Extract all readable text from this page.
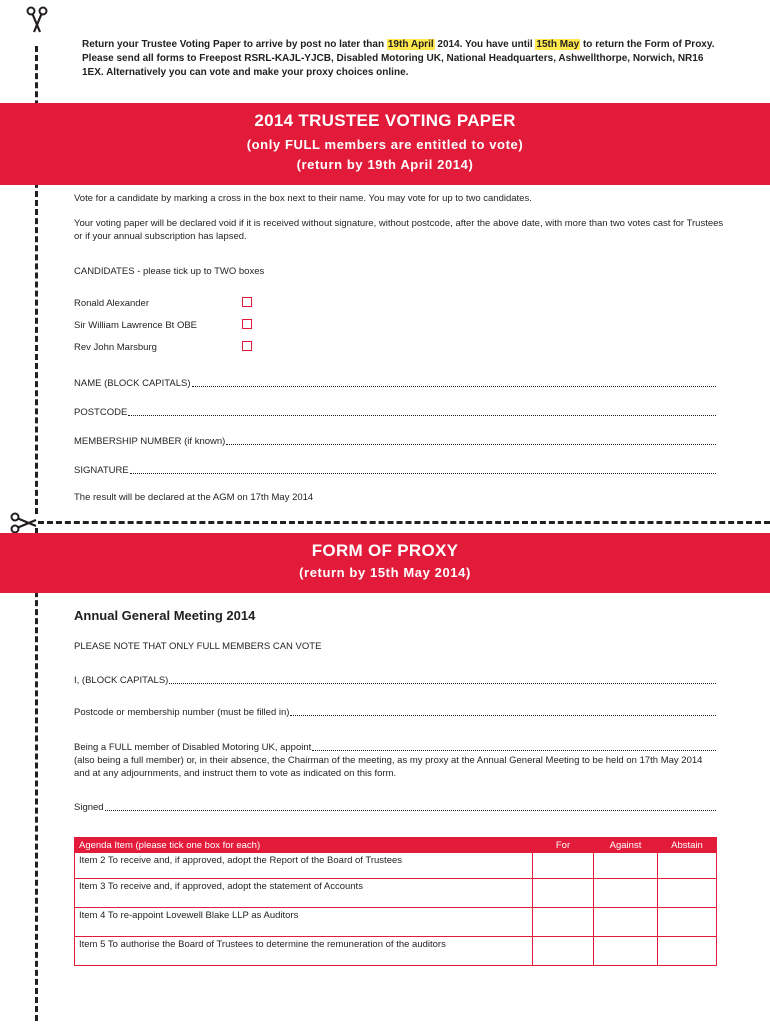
Return your Trustee Voting Paper to arrive by post no later than 19th April 2014. You have until 15th May to return the Form of Proxy. Please send all forms to Freepost RSRL-KAJL-YJCB, Disabled Motoring UK, National Headquarters, Ashwellthorpe, Norwich, NR16 1EX. Alternatively you can vote and make your proxy choices online.
2014 TRUSTEE VOTING PAPER
(only FULL members are entitled to vote)
(return by 19th April 2014)
Vote for a candidate by marking a cross in the box next to their name. You may vote for up to two candidates.
Your voting paper will be declared void if it is received without signature, without postcode, after the above date, with more than two votes cast for Trustees or if your annual subscription has lapsed.
CANDIDATES - please tick up to TWO boxes
Ronald Alexander
Sir William Lawrence Bt OBE
Rev John Marsburg
NAME (BLOCK CAPITALS)
POSTCODE
MEMBERSHIP NUMBER (if known)
SIGNATURE
The result will be declared at the AGM on 17th May 2014
FORM OF PROXY
(return by 15th May 2014)
Annual General Meeting 2014
PLEASE NOTE THAT ONLY FULL MEMBERS CAN VOTE
I, (BLOCK CAPITALS)
Postcode or membership number (must be filled in)
Being a FULL member of Disabled Motoring UK, appoint
(also being a full member) or, in their absence, the Chairman of the meeting, as my proxy at the Annual General Meeting to be held on 17th May 2014 and at any adjournments, and instruct them to vote as indicated on this form.
Signed
Agenda Item (please tick one box for each)	For	Against	Abstain
Item 2 To receive and, if approved, adopt the Report of the Board of Trustees			
Item 3 To receive and, if approved, adopt the statement of Accounts			
Item 4 To re-appoint Lovewell Blake LLP as Auditors			
Item 5 To authorise the Board of Trustees to determine the remuneration of the auditors			
